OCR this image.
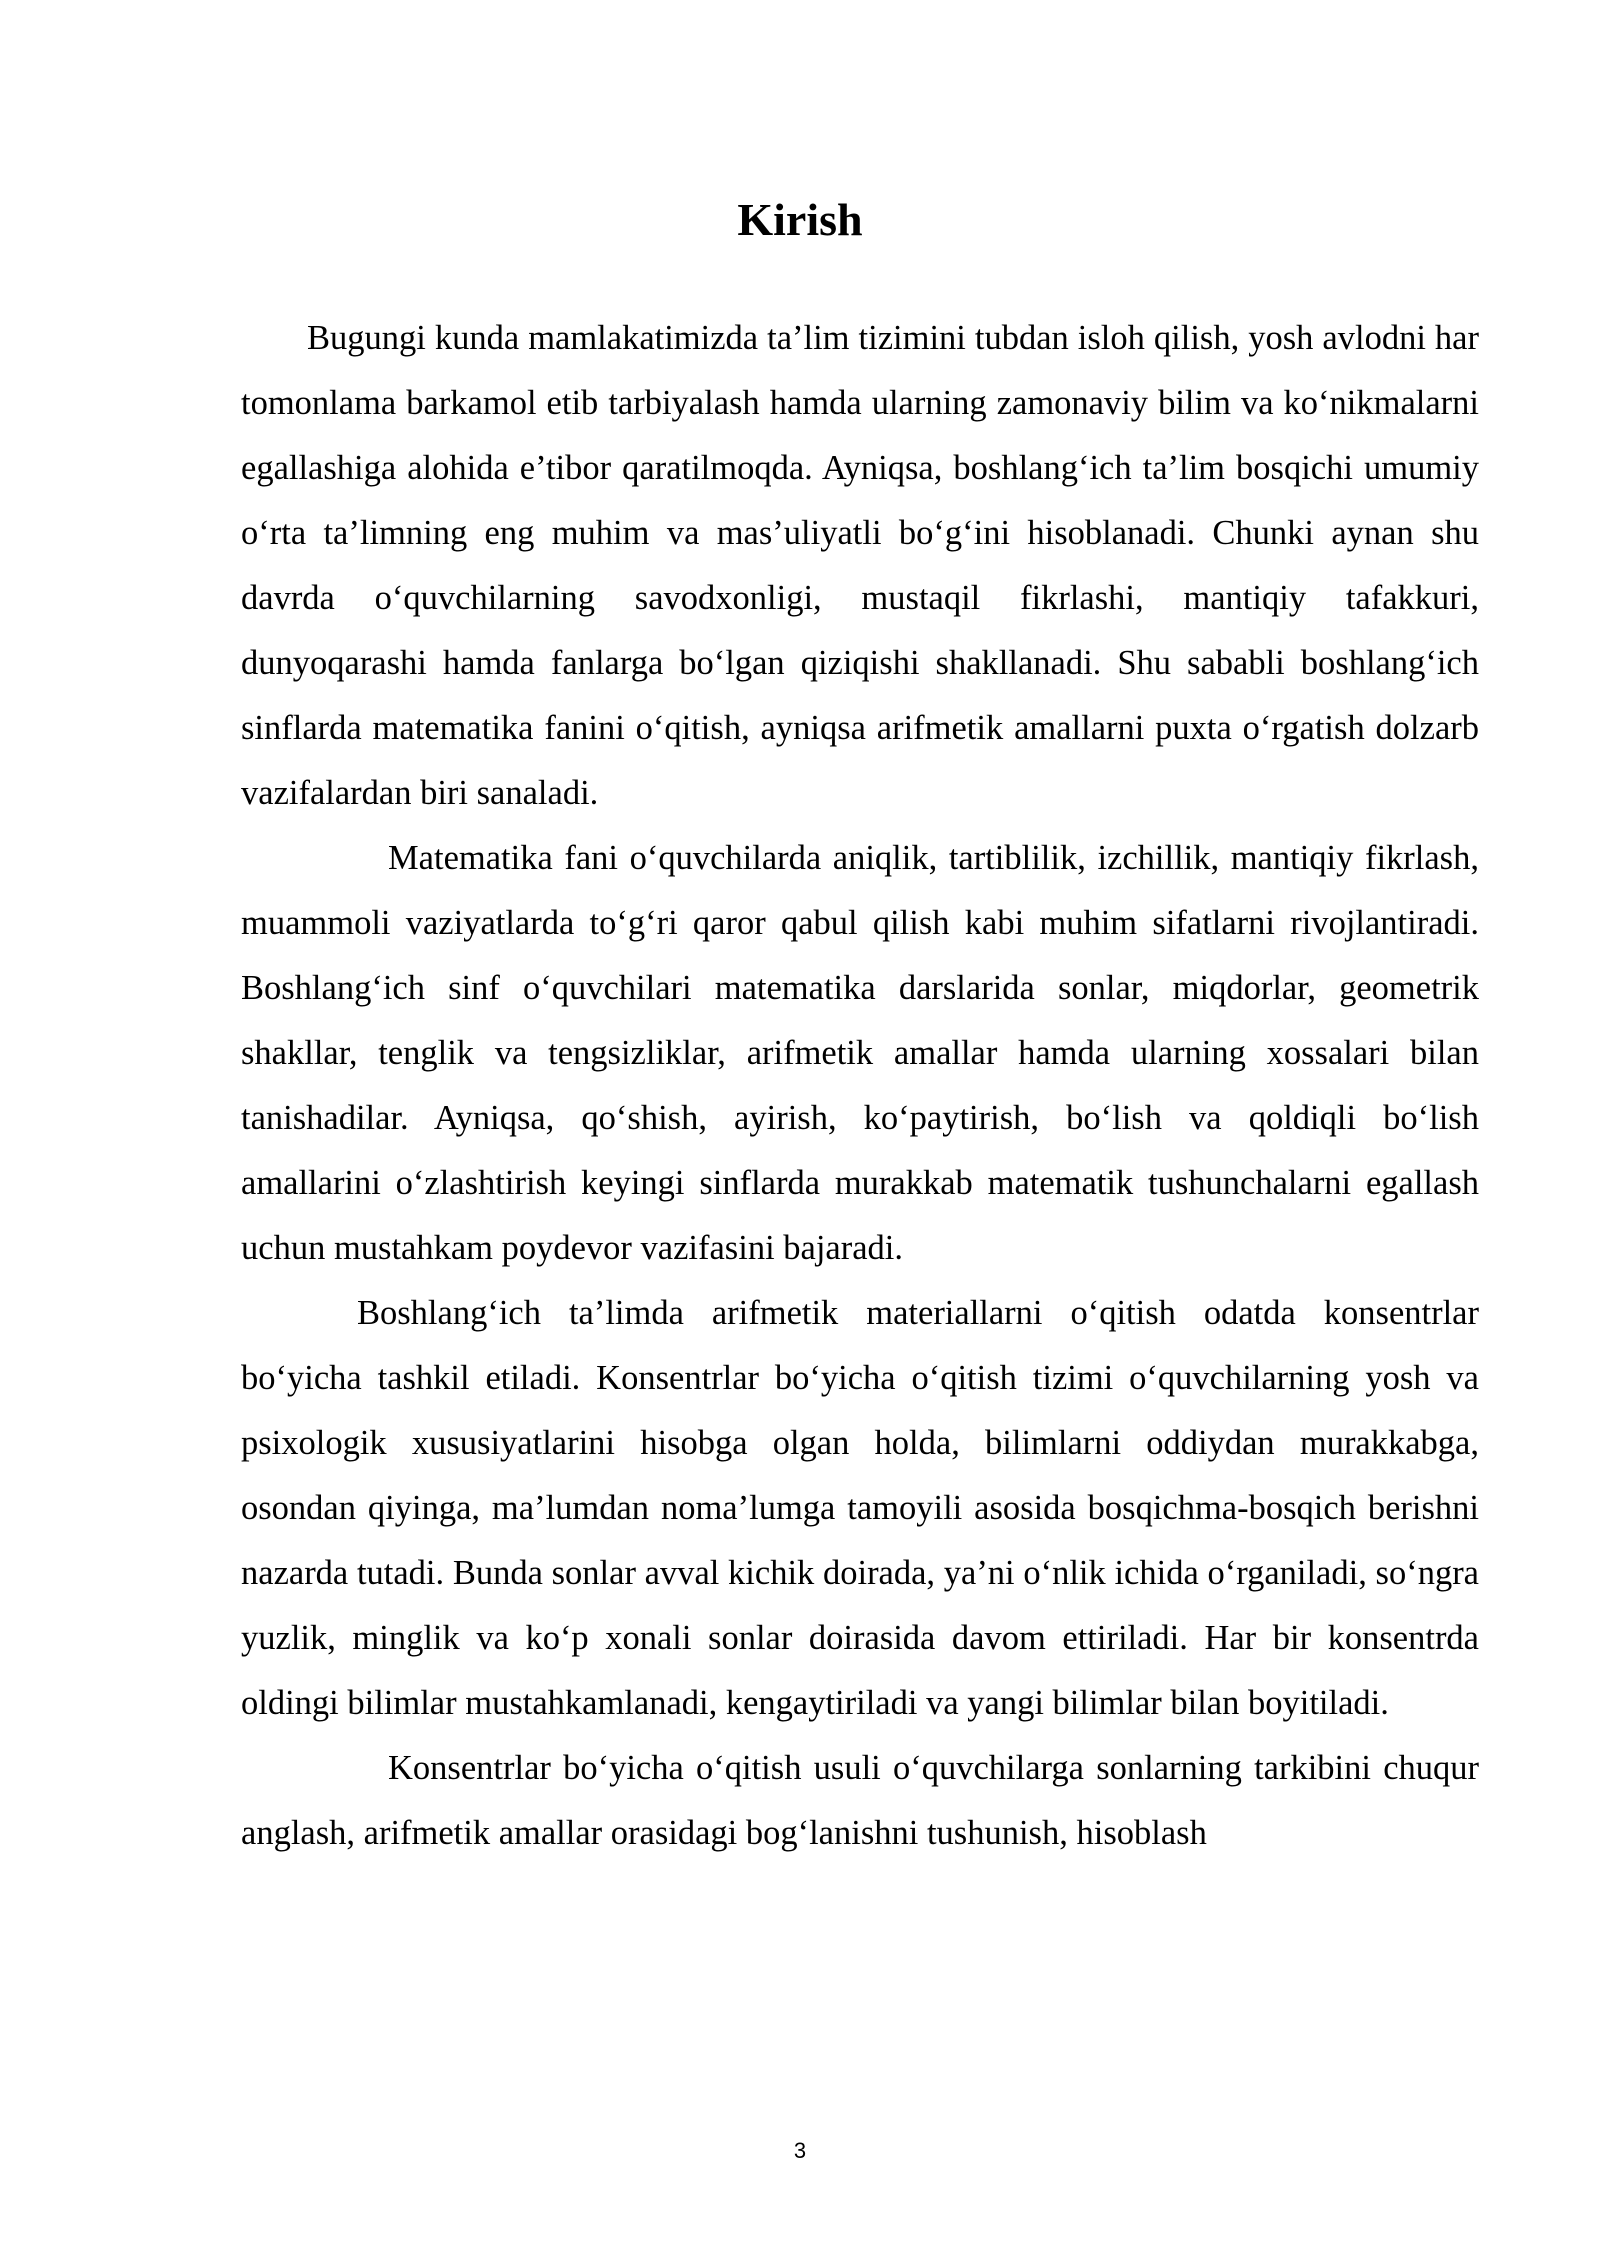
Kirish

Bugungi kunda mamlakatimizda ta’lim tizimini tubdan isloh qilish, yosh avlodni har tomonlama barkamol etib tarbiyalash hamda ularning zamonaviy bilim va ko‘nikmalarni egallashiga alohida e’tibor qaratilmoqda. Ayniqsa, boshlang‘ich ta’lim bosqichi umumiy o‘rta ta’limning eng muhim va mas’uliyatli bo‘g‘ini hisoblanadi. Chunki aynan shu davrda o‘quvchilarning savodxonligi, mustaqil fikrlashi, mantiqiy tafakkuri, dunyoqarashi hamda fanlarga bo‘lgan qiziqishi shakllanadi. Shu sababli boshlang‘ich sinflarda matematika fanini o‘qitish, ayniqsa arifmetik amallarni puxta o‘rgatish dolzarb vazifalardan biri sanaladi.

Matematika fani o‘quvchilarda aniqlik, tartiblilik, izchillik, mantiqiy fikrlash, muammoli vaziyatlarda to‘g‘ri qaror qabul qilish kabi muhim sifatlarni rivojlantiradi. Boshlang‘ich sinf o‘quvchilari matematika darslarida sonlar, miqdorlar, geometrik shakllar, tenglik va tengsizliklar, arifmetik amallar hamda ularning xossalari bilan tanishadilar. Ayniqsa, qo‘shish, ayirish, ko‘paytirish, bo‘lish va qoldiqli bo‘lish amallarini o‘zlashtirish keyingi sinflarda murakkab matematik tushunchalarni egallash uchun mustahkam poydevor vazifasini bajaradi.

Boshlang‘ich ta’limda arifmetik materiallarni o‘qitish odatda konsentrlar bo‘yicha tashkil etiladi. Konsentrlar bo‘yicha o‘qitish tizimi o‘quvchilarning yosh va psixologik xususiyatlarini hisobga olgan holda, bilimlarni oddiydan murakkabga, osondan qiyinga, ma’lumdan noma’lumga tamoyili asosida bosqichma-bosqich berishni nazarda tutadi. Bunda sonlar avval kichik doirada, ya’ni o‘nlik ichida o‘rganiladi, so‘ngra yuzlik, minglik va ko‘p xonali sonlar doirasida davom ettiriladi. Har bir konsentrda oldingi bilimlar mustahkamlanadi, kengaytiriladi va yangi bilimlar bilan boyitiladi.

Konsentrlar bo‘yicha o‘qitish usuli o‘quvchilarga sonlarning tarkibini chuqur anglash, arifmetik amallar orasidagi bog‘lanishni tushunish, hisoblash

3
